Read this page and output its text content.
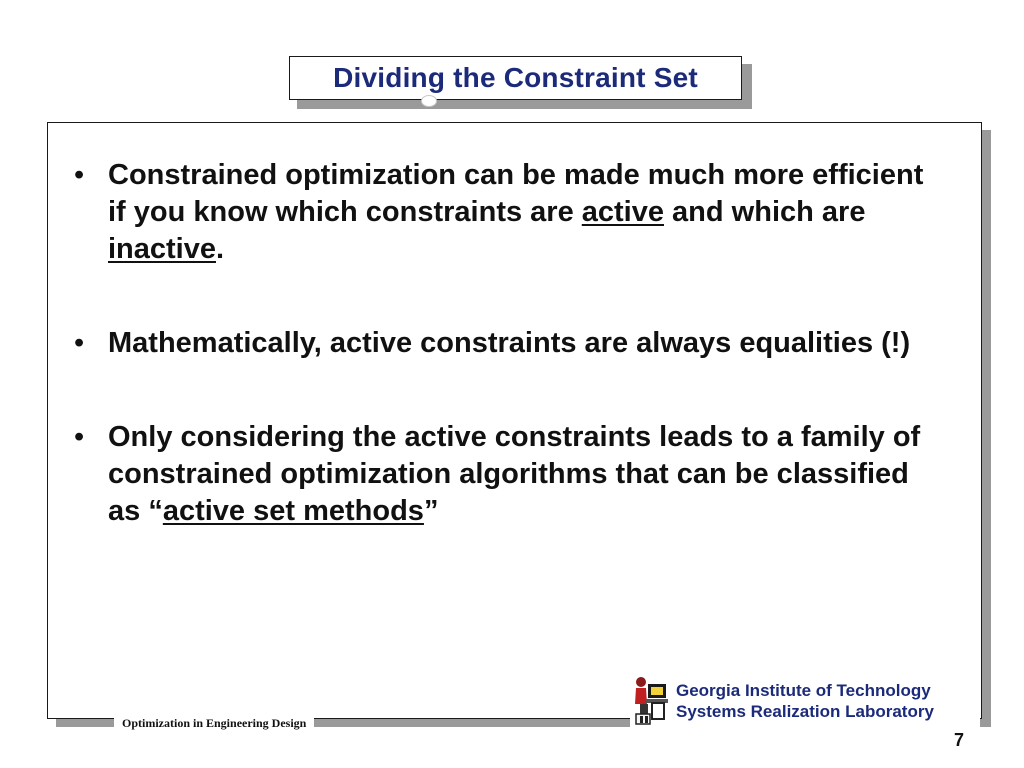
Dividing the Constraint Set
• Constrained optimization can be made much more efficient if you know which constraints are active and which are inactive.
• Mathematically, active constraints are always equalities (!)
• Only considering the active constraints leads to a family of constrained optimization algorithms that can be classified as “active set methods”
Optimization in Engineering Design
Georgia Institute of Technology
Systems Realization Laboratory
7
